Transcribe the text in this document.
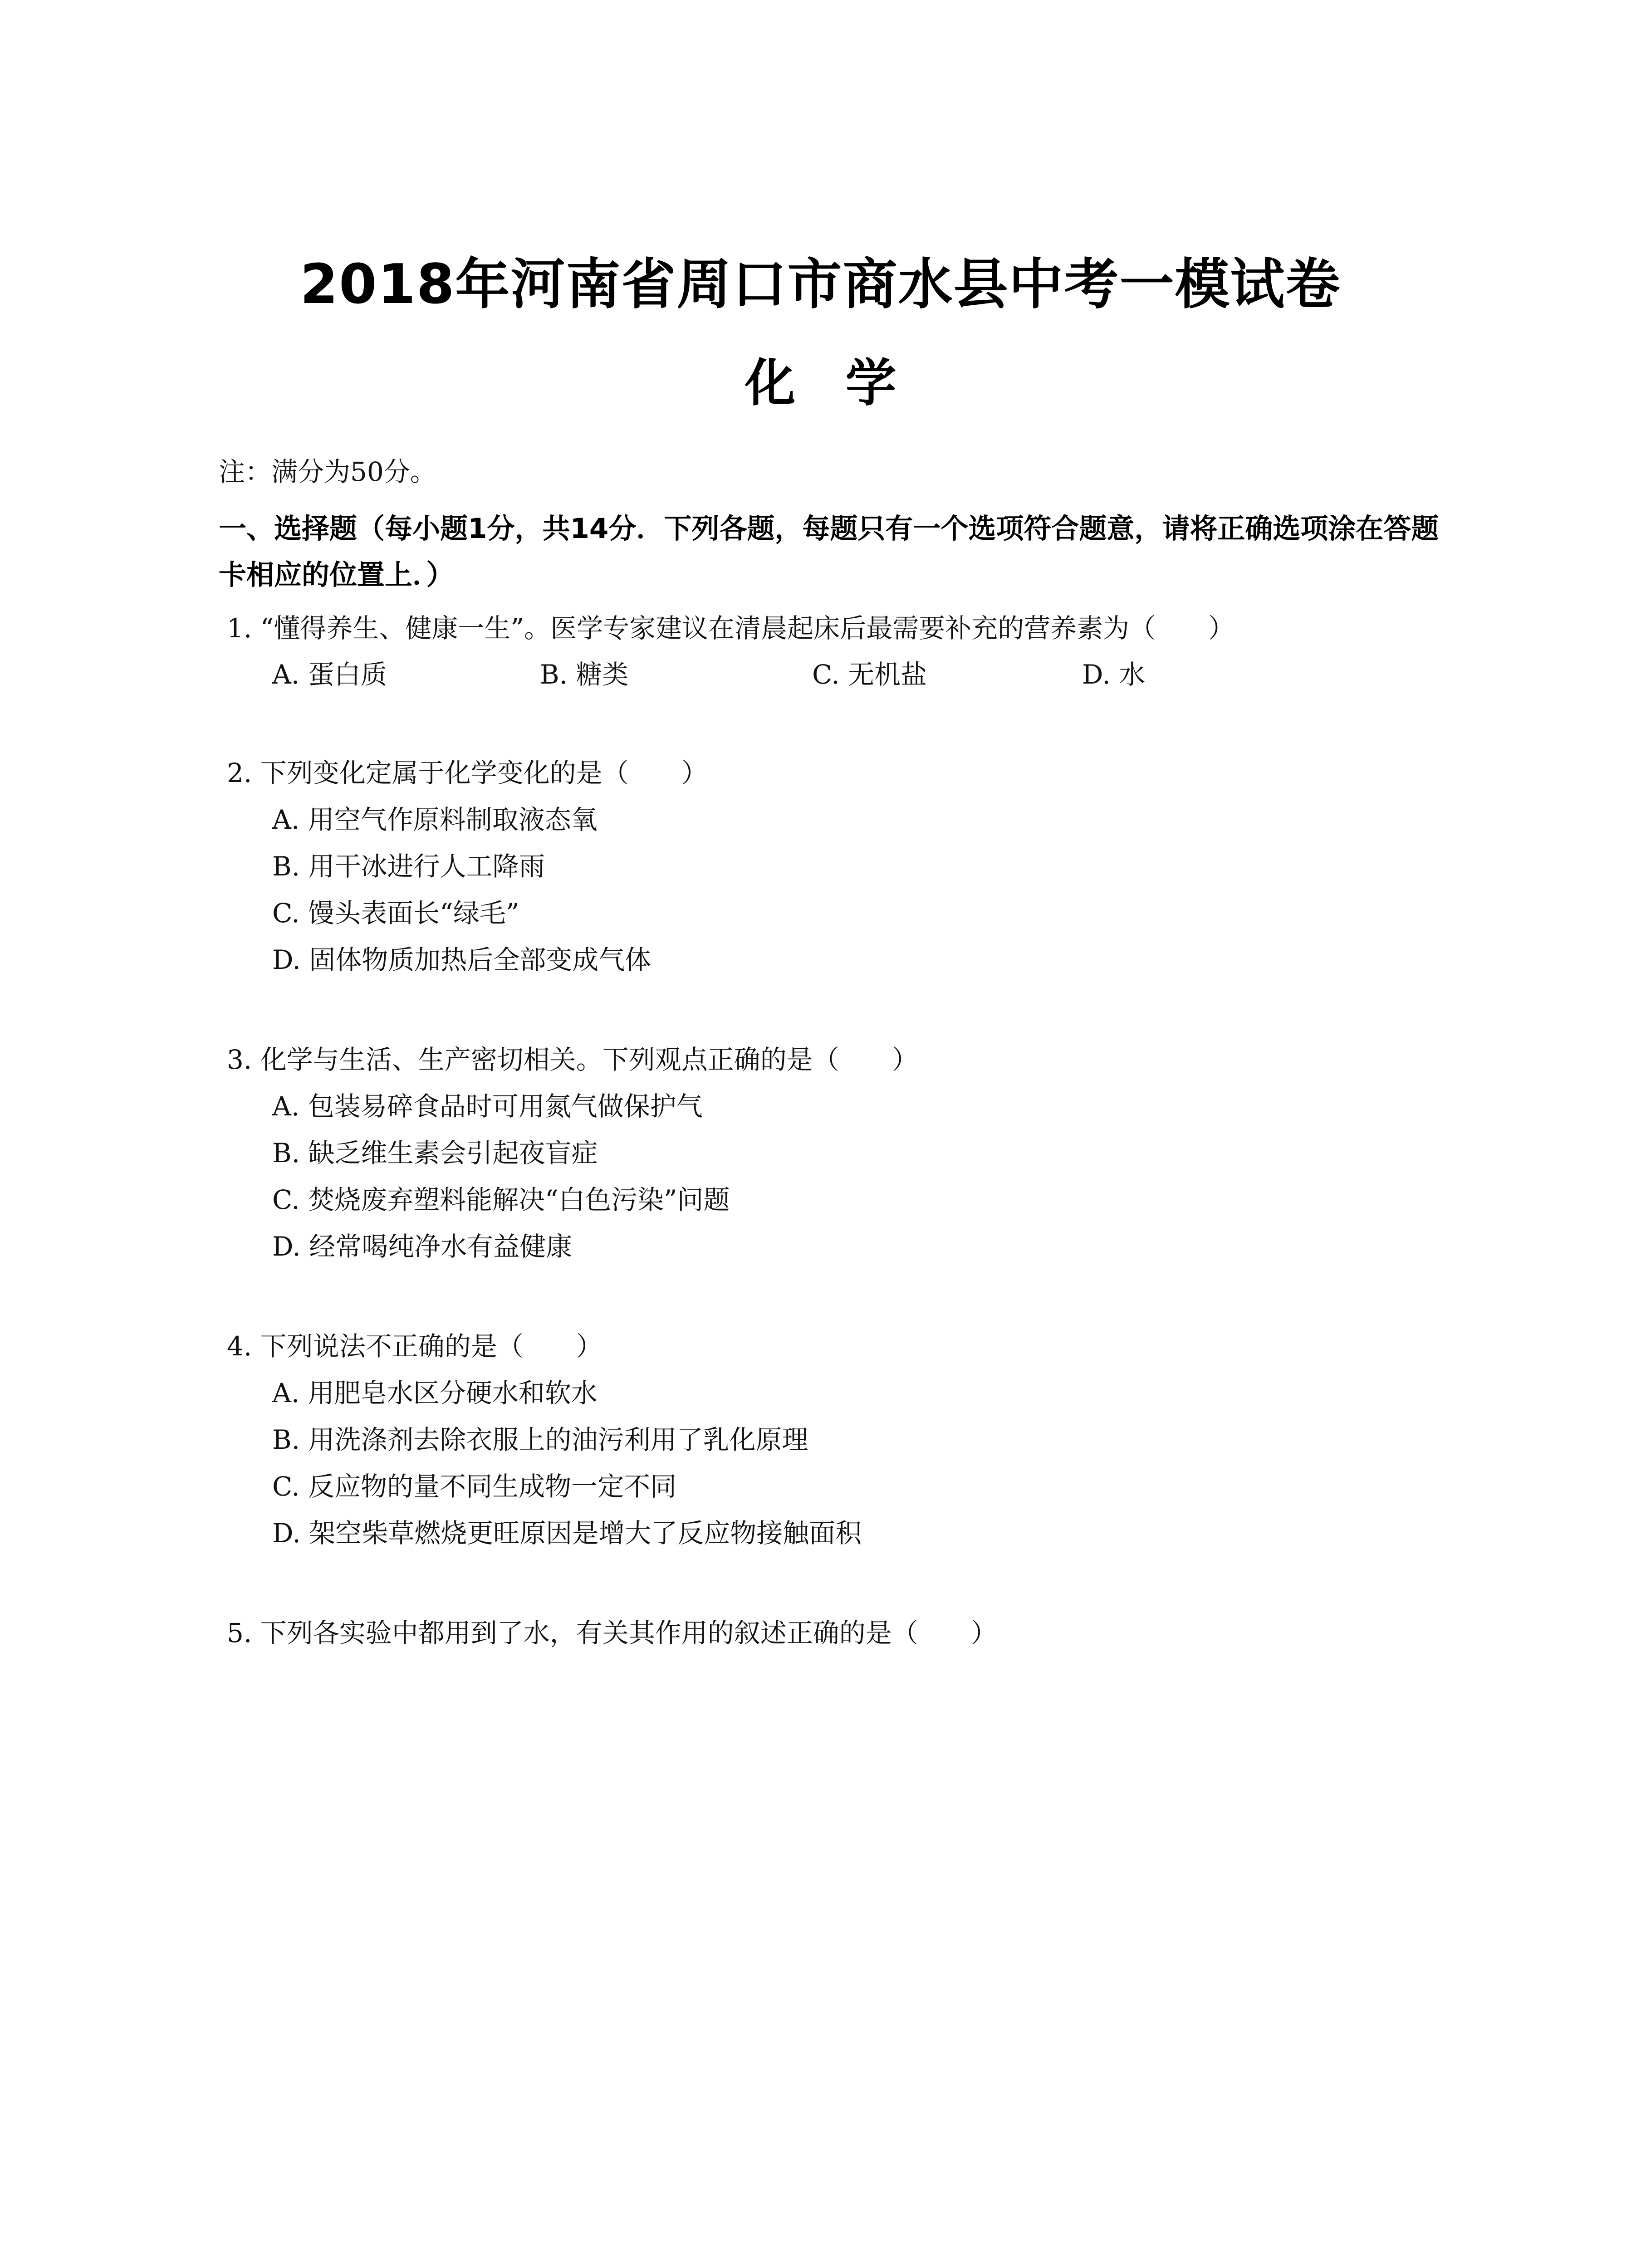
2018年河南省周口市商水县中考一模试卷
化学
注：满分为50分。
一、选择题（每小题1分，共14分．下列各题，每题只有一个选项符合题意，请将正确选项涂在答题卡相应的位置上．）
1. “懂得养生、健康一生”。医学专家建议在清晨起床后最需要补充的营养素为（　　）
A. 蛋白质	B. 糖类	C. 无机盐	D. 水
2. 下列变化定属于化学变化的是（　　）
A. 用空气作原料制取液态氧
B. 用干冰进行人工降雨
C. 馒头表面长“绿毛”
D. 固体物质加热后全部变成气体
3. 化学与生活、生产密切相关。下列观点正确的是（　　）
A. 包装易碎食品时可用氮气做保护气
B. 缺乏维生素会引起夜盲症
C. 焚烧废弃塑料能解决“白色污染”问题
D. 经常喝纯净水有益健康
4. 下列说法不正确的是（　　）
A. 用肥皂水区分硬水和软水
B. 用洗涤剂去除衣服上的油污利用了乳化原理
C. 反应物的量不同生成物一定不同
D. 架空柴草燃烧更旺原因是增大了反应物接触面积
5. 下列各实验中都用到了水，有关其作用的叙述正确的是（　　）
